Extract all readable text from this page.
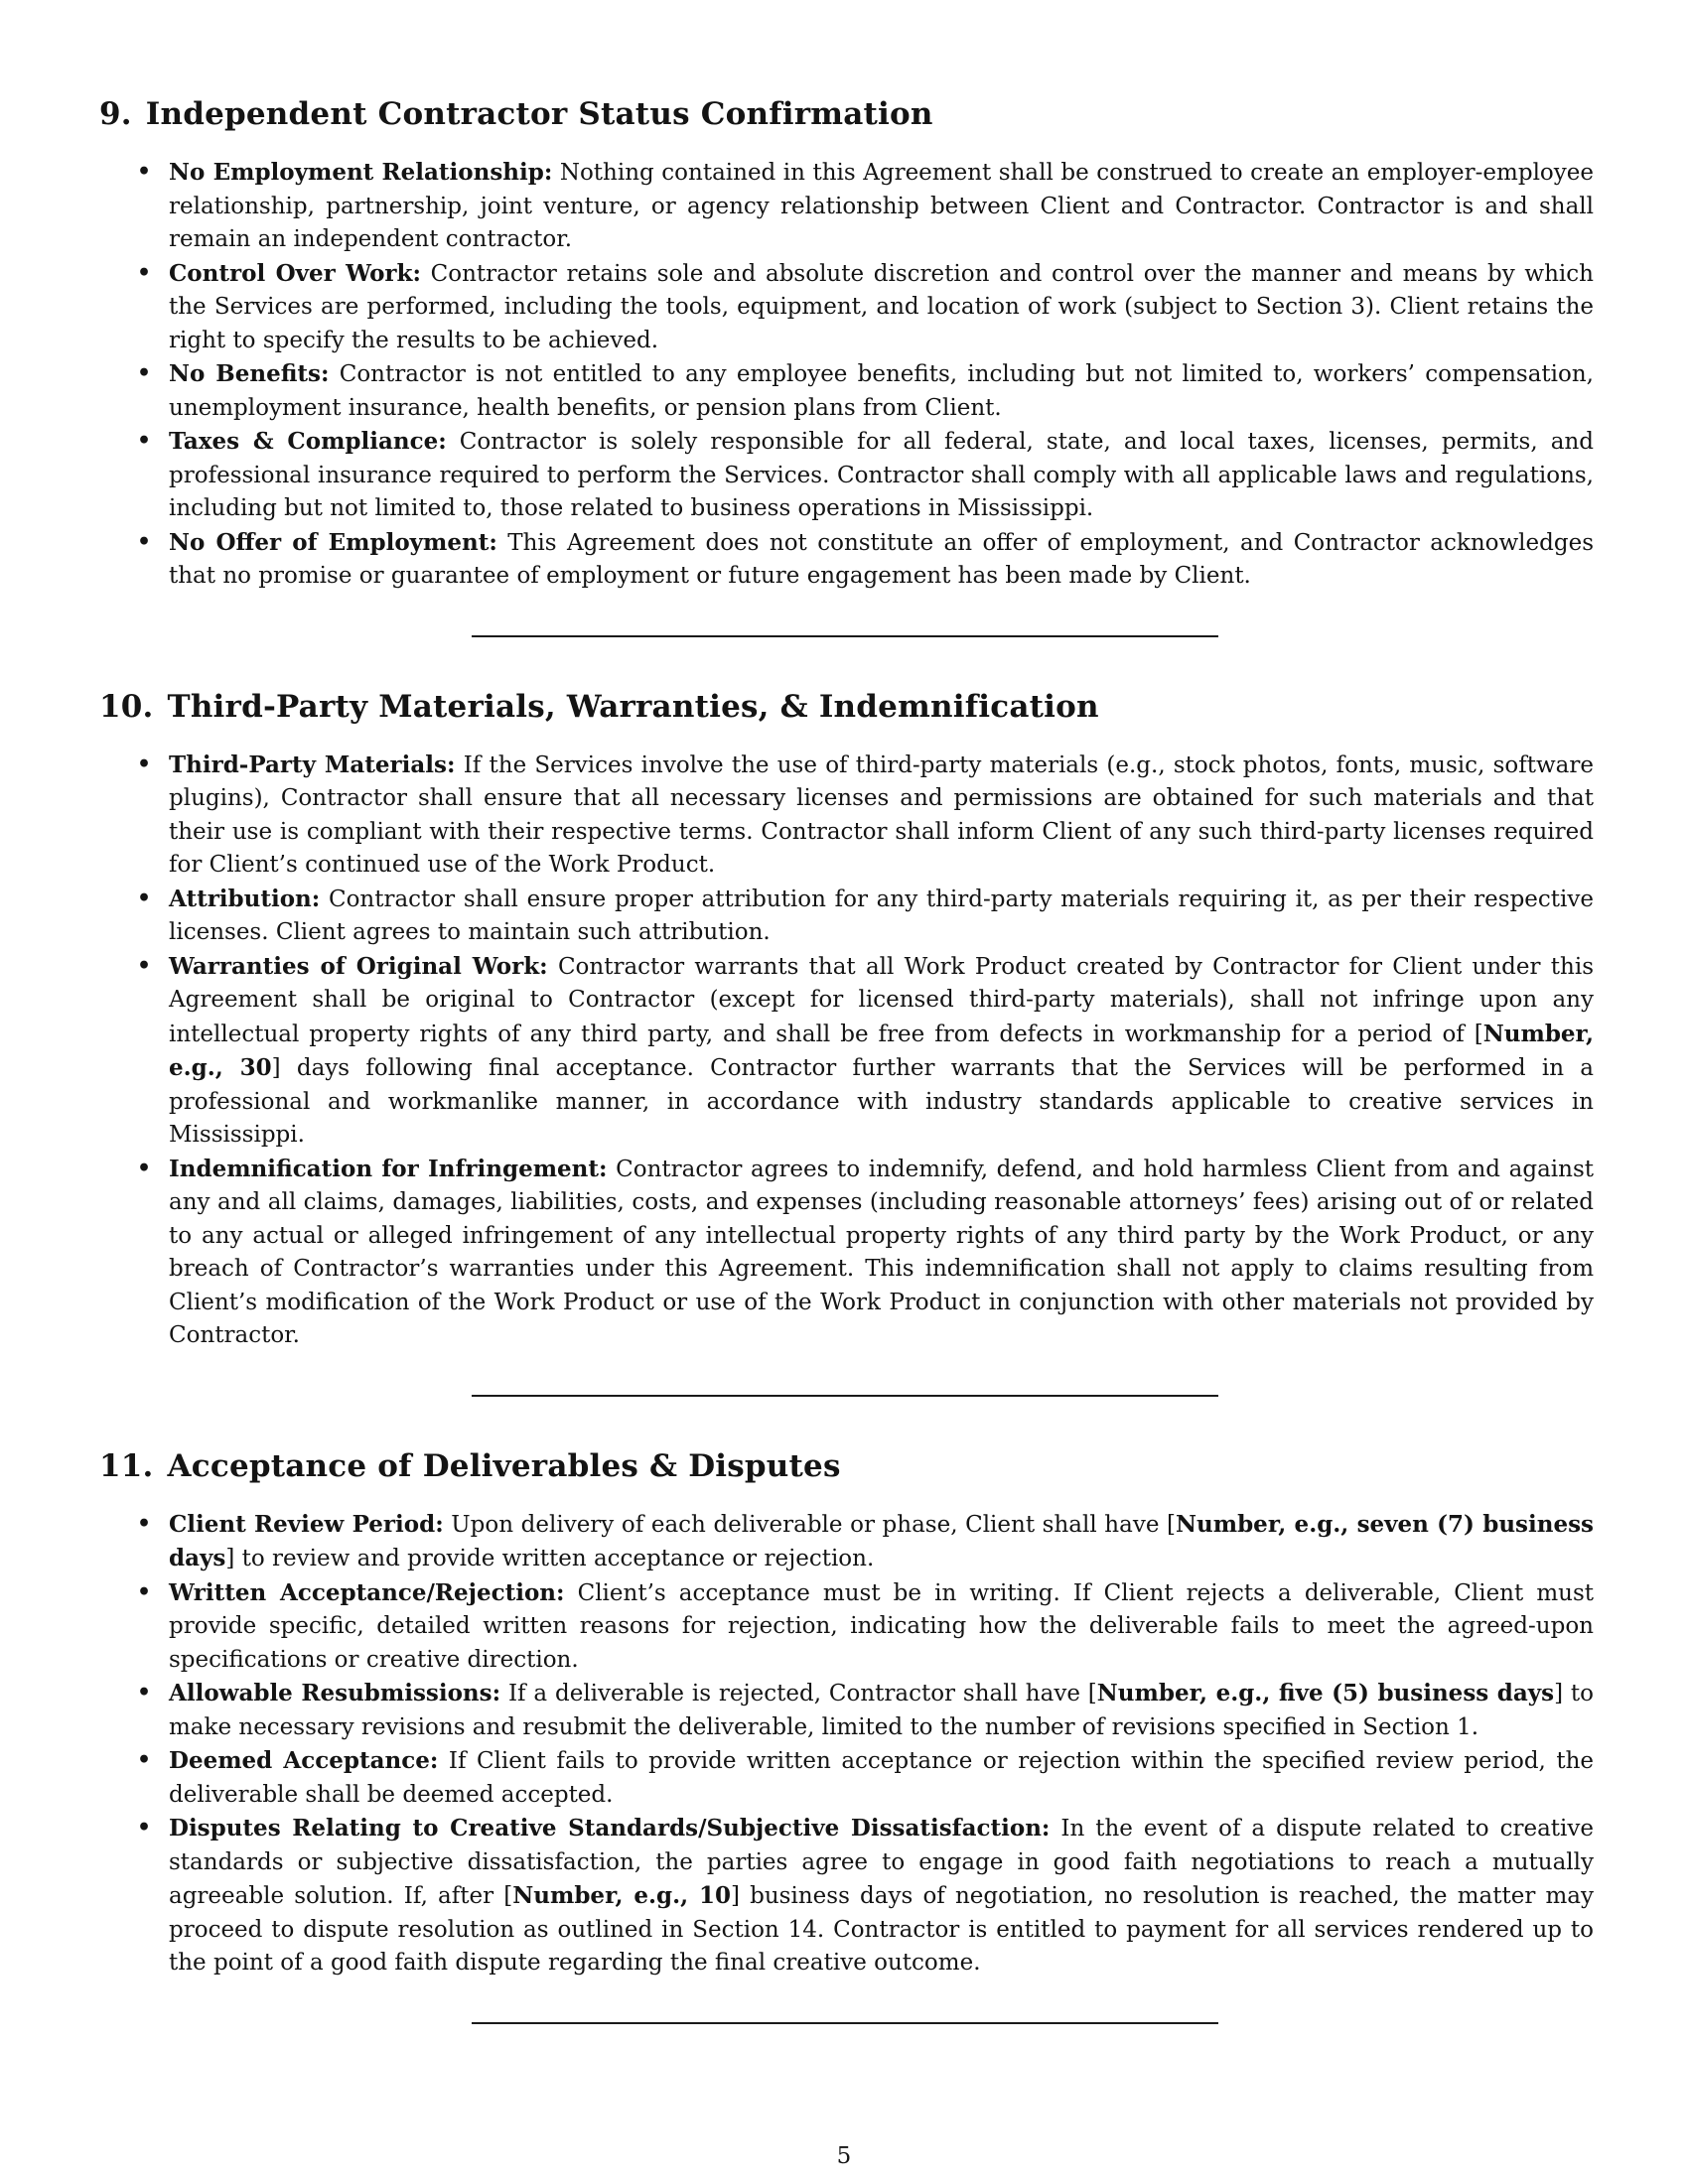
9. Independent Contractor Status Confirmation
• No Employment Relationship: Nothing contained in this Agreement shall be construed to create an employer-employee relationship, partnership, joint venture, or agency relationship between Client and Contractor. Contractor is and shall remain an independent contractor.
• Control Over Work: Contractor retains sole and absolute discretion and control over the manner and means by which the Services are performed, including the tools, equipment, and location of work (subject to Section 3). Client retains the right to specify the results to be achieved.
• No Benefits: Contractor is not entitled to any employee benefits, including but not limited to, workers’ compensation, unemployment insurance, health benefits, or pension plans from Client.
• Taxes & Compliance: Contractor is solely responsible for all federal, state, and local taxes, licenses, permits, and professional insurance required to perform the Services. Contractor shall comply with all applicable laws and regulations, including but not limited to, those related to business operations in Mississippi.
• No Offer of Employment: This Agreement does not constitute an offer of employment, and Contractor acknowledges that no promise or guarantee of employment or future engagement has been made by Client.
10. Third-Party Materials, Warranties, & Indemnification
• Third-Party Materials: If the Services involve the use of third-party materials (e.g., stock photos, fonts, music, software plugins), Contractor shall ensure that all necessary licenses and permissions are obtained for such materials and that their use is compliant with their respective terms. Contractor shall inform Client of any such third-party licenses required for Client’s continued use of the Work Product.
• Attribution: Contractor shall ensure proper attribution for any third-party materials requiring it, as per their respective licenses. Client agrees to maintain such attribution.
• Warranties of Original Work: Contractor warrants that all Work Product created by Contractor for Client under this Agreement shall be original to Contractor (except for licensed third-party materials), shall not infringe upon any intellectual property rights of any third party, and shall be free from defects in workmanship for a period of [Number, e.g., 30] days following final acceptance. Contractor further warrants that the Services will be performed in a professional and workmanlike manner, in accordance with industry standards applicable to creative services in Mississippi.
• Indemnification for Infringement: Contractor agrees to indemnify, defend, and hold harmless Client from and against any and all claims, damages, liabilities, costs, and expenses (including reasonable attorneys’ fees) arising out of or related to any actual or alleged infringement of any intellectual property rights of any third party by the Work Product, or any breach of Contractor’s warranties under this Agreement. This indemnification shall not apply to claims resulting from Client’s modification of the Work Product or use of the Work Product in conjunction with other materials not provided by Contractor.
11. Acceptance of Deliverables & Disputes
• Client Review Period: Upon delivery of each deliverable or phase, Client shall have [Number, e.g., seven (7) business days] to review and provide written acceptance or rejection.
• Written Acceptance/Rejection: Client’s acceptance must be in writing. If Client rejects a deliverable, Client must provide specific, detailed written reasons for rejection, indicating how the deliverable fails to meet the agreed-upon specifications or creative direction.
• Allowable Resubmissions: If a deliverable is rejected, Contractor shall have [Number, e.g., five (5) business days] to make necessary revisions and resubmit the deliverable, limited to the number of revisions specified in Section 1.
• Deemed Acceptance: If Client fails to provide written acceptance or rejection within the specified review period, the deliverable shall be deemed accepted.
• Disputes Relating to Creative Standards/Subjective Dissatisfaction: In the event of a dispute related to creative standards or subjective dissatisfaction, the parties agree to engage in good faith negotiations to reach a mutually agreeable solution. If, after [Number, e.g., 10] business days of negotiation, no resolution is reached, the matter may proceed to dispute resolution as outlined in Section 14. Contractor is entitled to payment for all services rendered up to the point of a good faith dispute regarding the final creative outcome.
5
